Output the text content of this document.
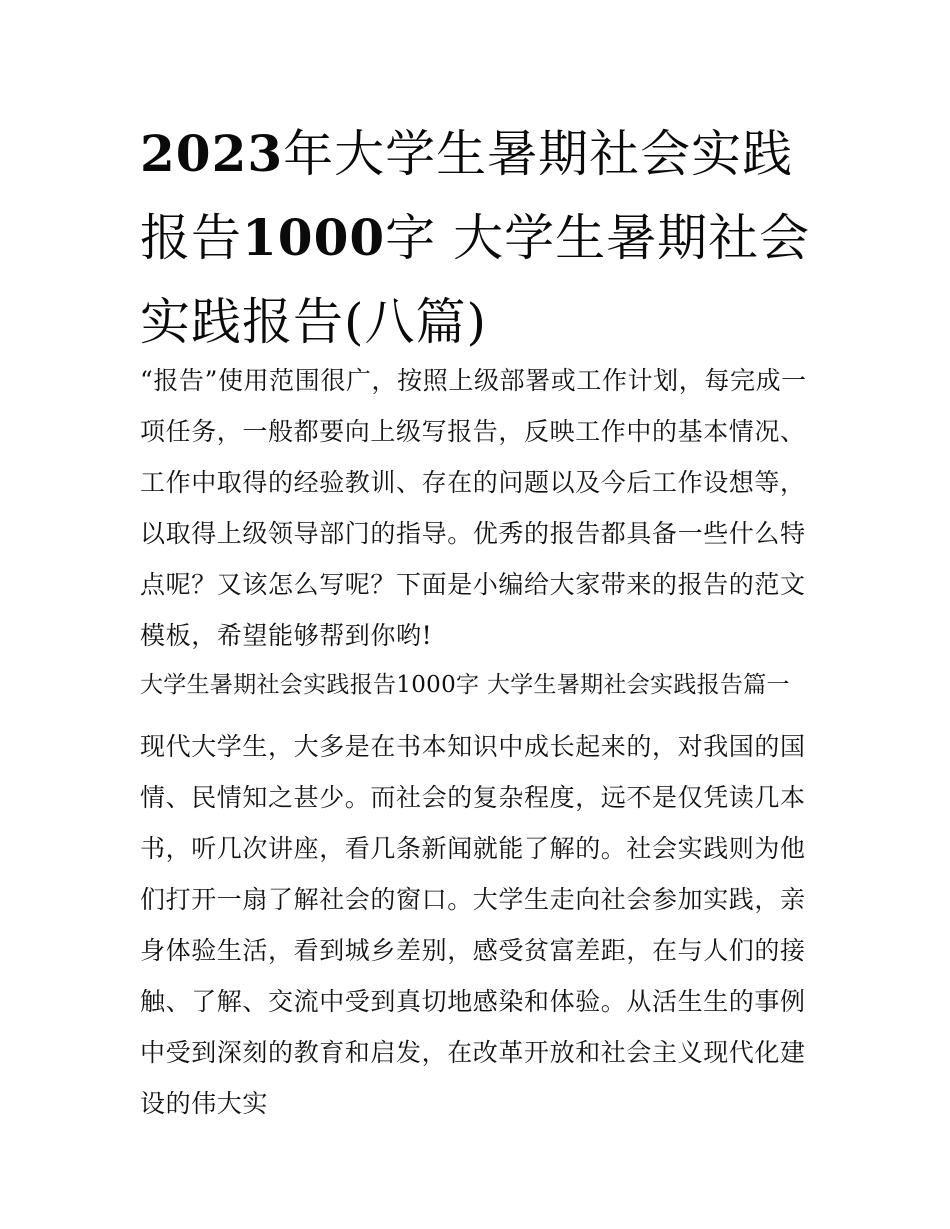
2023年大学生暑期社会实践报告1000字 大学生暑期社会实践报告(八篇)

“报告”使用范围很广，按照上级部署或工作计划，每完成一项任务，一般都要向上级写报告，反映工作中的基本情况、工作中取得的经验教训、存在的问题以及今后工作设想等，以取得上级领导部门的指导。优秀的报告都具备一些什么特点呢？又该怎么写呢？下面是小编给大家带来的报告的范文模板，希望能够帮到你哟!

大学生暑期社会实践报告1000字 大学生暑期社会实践报告篇一

现代大学生，大多是在书本知识中成长起来的，对我国的国情、民情知之甚少。而社会的复杂程度，远不是仅凭读几本书，听几次讲座，看几条新闻就能了解的。社会实践则为他们打开一扇了解社会的窗口。大学生走向社会参加实践，亲身体验生活，看到城乡差别，感受贫富差距，在与人们的接触、了解、交流中受到真切地感染和体验。从活生生的事例中受到深刻的教育和启发，在改革开放和社会主义现代化建设的伟大实
